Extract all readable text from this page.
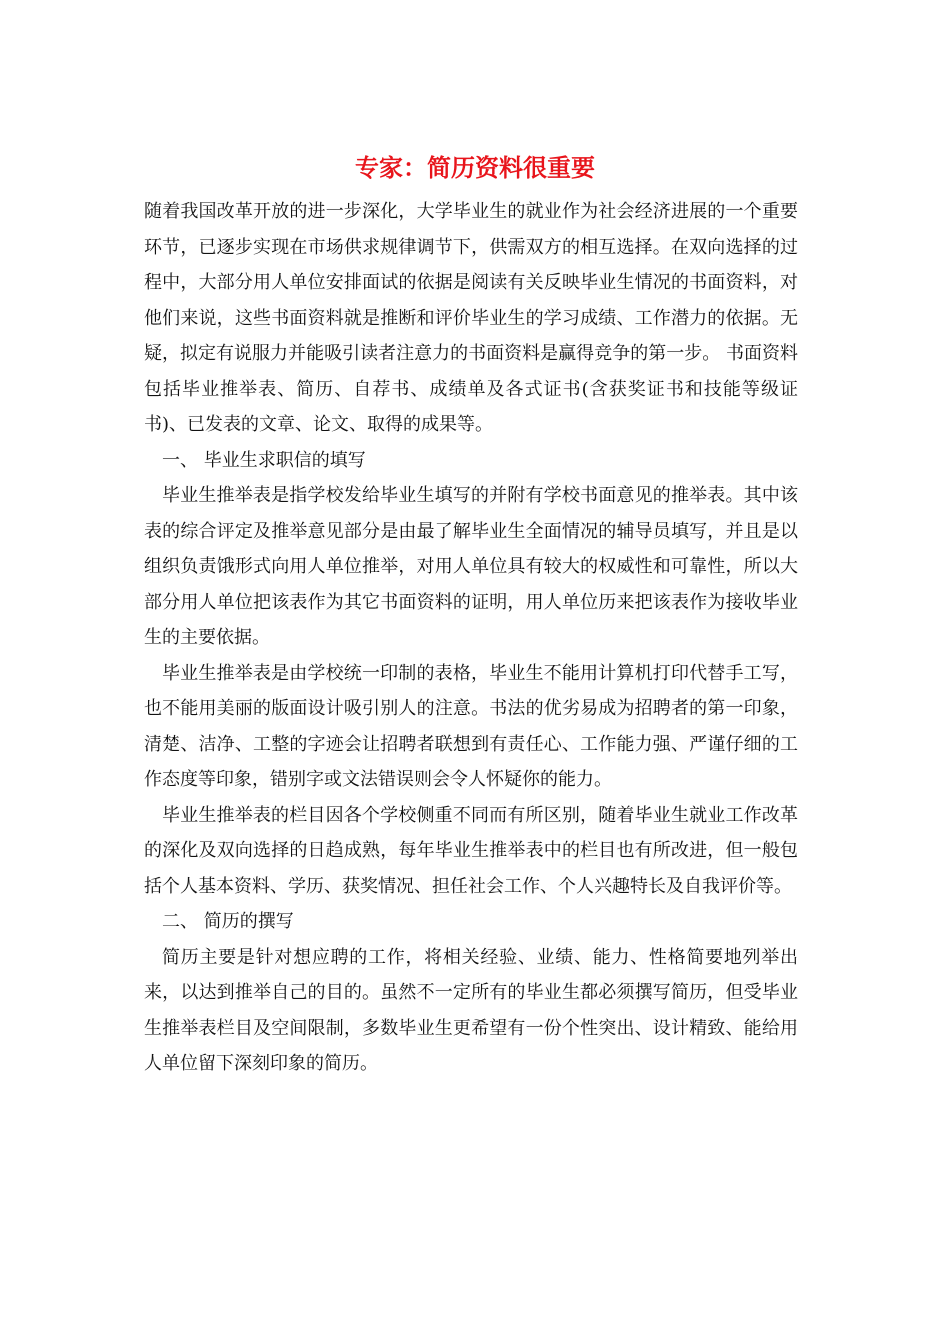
专家：简历资料很重要

随着我国改革开放的进一步深化，大学毕业生的就业作为社会经济进展的一个重要环节，已逐步实现在市场供求规律调节下，供需双方的相互选择。在双向选择的过程中，大部分用人单位安排面试的依据是阅读有关反映毕业生情况的书面资料，对他们来说，这些书面资料就是推断和评价毕业生的学习成绩、工作潜力的依据。无疑，拟定有说服力并能吸引读者注意力的书面资料是赢得竞争的第一步。 书面资料包括毕业推举表、简历、自荐书、成绩单及各式证书(含获奖证书和技能等级证书)、已发表的文章、论文、取得的成果等。

一、 毕业生求职信的填写

毕业生推举表是指学校发给毕业生填写的并附有学校书面意见的推举表。其中该表的综合评定及推举意见部分是由最了解毕业生全面情况的辅导员填写，并且是以组织负责饿形式向用人单位推举，对用人单位具有较大的权威性和可靠性，所以大部分用人单位把该表作为其它书面资料的证明，用人单位历来把该表作为接收毕业生的主要依据。

毕业生推举表是由学校统一印制的表格，毕业生不能用计算机打印代替手工写，也不能用美丽的版面设计吸引别人的注意。书法的优劣易成为招聘者的第一印象，清楚、洁净、工整的字迹会让招聘者联想到有责任心、工作能力强、严谨仔细的工作态度等印象，错别字或文法错误则会令人怀疑你的能力。

毕业生推举表的栏目因各个学校侧重不同而有所区别，随着毕业生就业工作改革的深化及双向选择的日趋成熟，每年毕业生推举表中的栏目也有所改进，但一般包括个人基本资料、学历、获奖情况、担任社会工作、个人兴趣特长及自我评价等。

二、 简历的撰写

简历主要是针对想应聘的工作，将相关经验、业绩、能力、性格简要地列举出来，以达到推举自己的目的。虽然不一定所有的毕业生都必须撰写简历，但受毕业生推举表栏目及空间限制，多数毕业生更希望有一份个性突出、设计精致、能给用人单位留下深刻印象的简历。
